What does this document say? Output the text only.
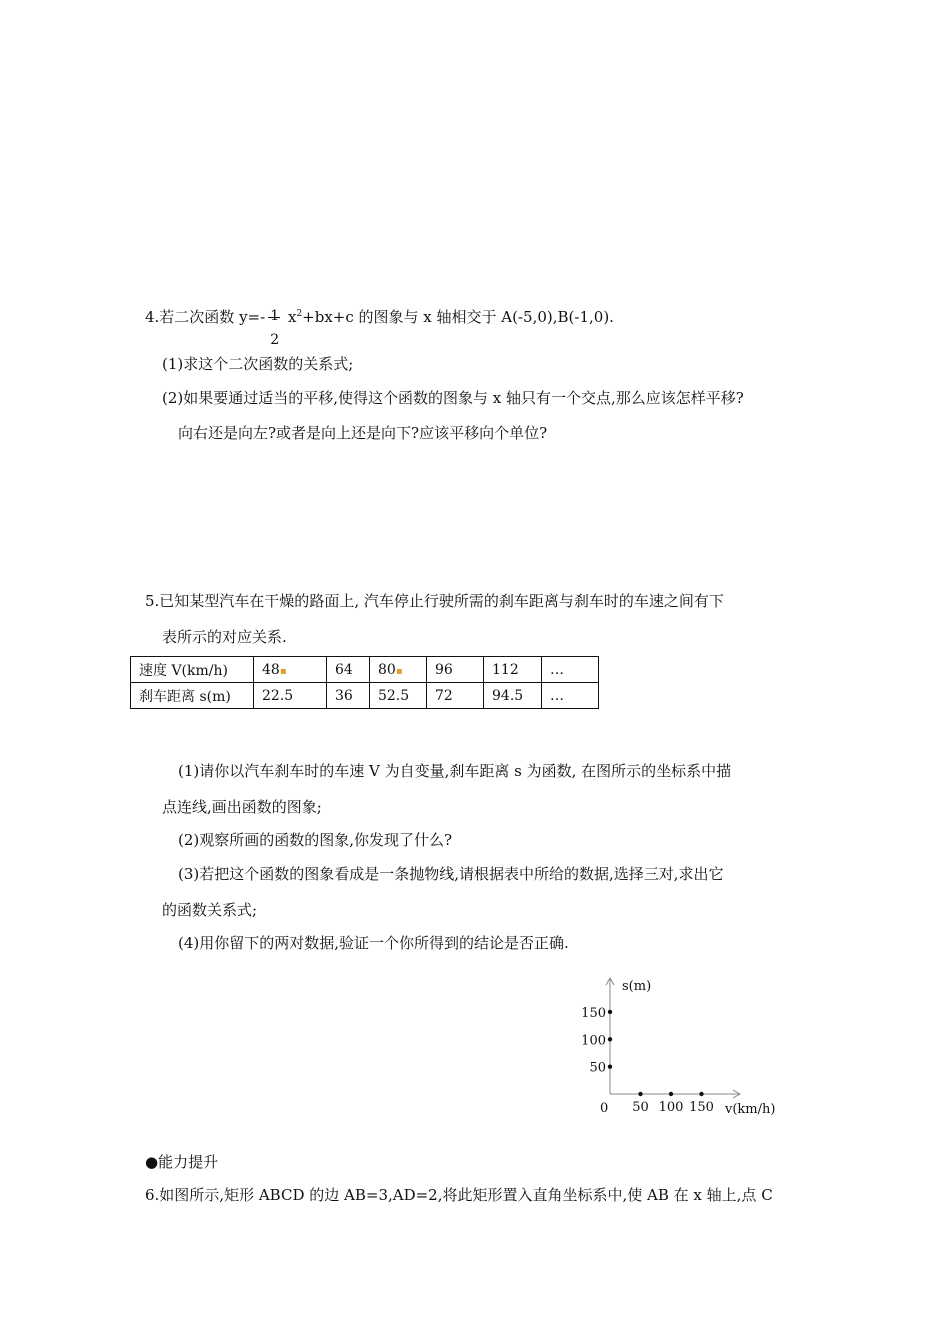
4.若二次函数 y=- 1
2
$x^2+bx+c$ 的图象与 x 轴相交于 A(-5,0),B(-1,0).
(1)求这个二次函数的关系式;
(2)如果要通过适当的平移,使得这个函数的图象与 x 轴只有一个交点,那么应该怎样平移?
向右还是向左?或者是向上还是向下?应该平移向个单位?
5.已知某型汽车在干燥的路面上, 汽车停止行驶所需的刹车距离与刹车时的车速之间有下
表所示的对应关系.
速度 V(km/h)	48▪	64	80▪	96	112	…
刹车距离 s(m)	22.5	36	52.5	72	94.5	…
(1)请你以汽车刹车时的车速 V 为自变量,刹车距离 s 为函数, 在图所示的坐标系中描
点连线,画出函数的图象;
(2)观察所画的函数的图象,你发现了什么?
(3)若把这个函数的图象看成是一条抛物线,请根据表中所给的数据,选择三对,求出它
的函数关系式;
(4)用你留下的两对数据,验证一个你所得到的结论是否正确.
s(m)
v(km/h)
0 50 100 150
50
100
150
●能力提升
6.如图所示,矩形 ABCD 的边 AB=3,AD=2,将此矩形置入直角坐标系中,使 AB 在 x 轴上,点 C
